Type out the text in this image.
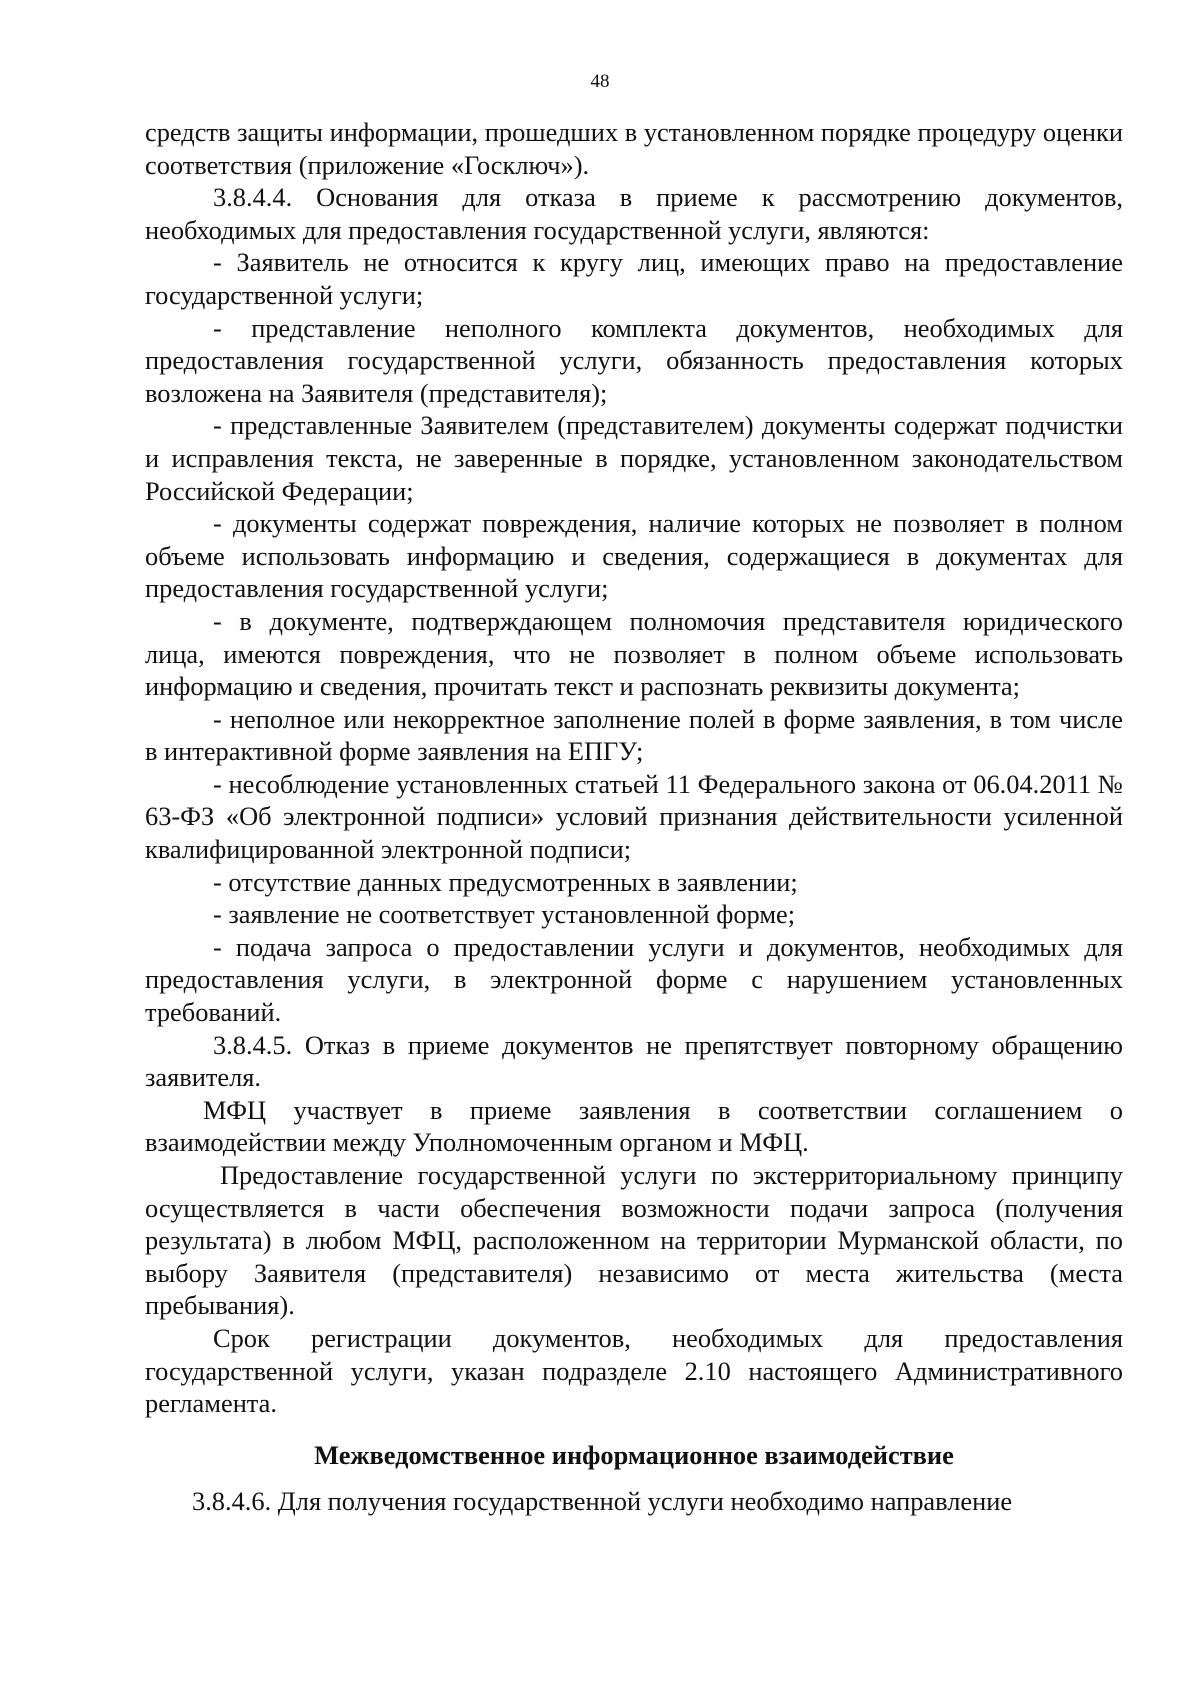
48

средств защиты информации, прошедших в установленном порядке процедуру оценки соответствия (приложение «Госключ»).

3.8.4.4. Основания для отказа в приеме к рассмотрению документов, необходимых для предоставления государственной услуги, являются:

- Заявитель не относится к кругу лиц, имеющих право на предоставление государственной услуги;

- представление неполного комплекта документов, необходимых для предоставления государственной услуги, обязанность предоставления которых возложена на Заявителя (представителя);

- представленные Заявителем (представителем) документы содержат подчистки и исправления текста, не заверенные в порядке, установленном законодательством Российской Федерации;

- документы содержат повреждения, наличие которых не позволяет в полном объеме использовать информацию и сведения, содержащиеся в документах для предоставления государственной услуги;

- в документе, подтверждающем полномочия представителя юридического лица, имеются повреждения, что не позволяет в полном объеме использовать информацию и сведения, прочитать текст и распознать реквизиты документа;

- неполное или некорректное заполнение полей в форме заявления, в том числе в интерактивной форме заявления на ЕПГУ;

- несоблюдение установленных статьей 11 Федерального закона от 06.04.2011 № 63-ФЗ «Об электронной подписи» условий признания действительности усиленной квалифицированной электронной подписи;

- отсутствие данных предусмотренных в заявлении;

- заявление не соответствует установленной форме;

- подача запроса о предоставлении услуги и документов, необходимых для предоставления услуги, в электронной форме с нарушением установленных требований.

3.8.4.5. Отказ в приеме документов не препятствует повторному обращению заявителя.

МФЦ участвует в приеме заявления в соответствии соглашением о взаимодействии между Уполномоченным органом и МФЦ.

Предоставление государственной услуги по экстерриториальному принципу осуществляется в части обеспечения возможности подачи запроса (получения результата) в любом МФЦ, расположенном на территории Мурманской области, по выбору Заявителя (представителя) независимо от места жительства (места пребывания).

Срок регистрации документов, необходимых для предоставления государственной услуги, указан подразделе 2.10 настоящего Административного регламента.

Межведомственное информационное взаимодействие

3.8.4.6. Для получения государственной услуги необходимо направление
